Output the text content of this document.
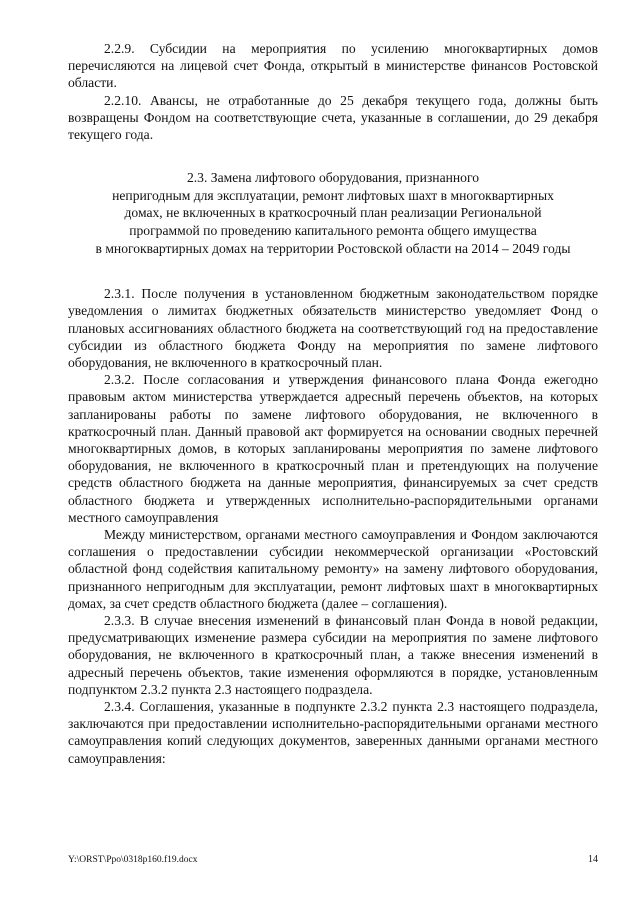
2.2.9. Субсидии на мероприятия по усилению многоквартирных домов перечисляются на лицевой счет Фонда, открытый в министерстве финансов Ростовской области.

2.2.10. Авансы, не отработанные до 25 декабря текущего года, должны быть возвращены Фондом на соответствующие счета, указанные в соглашении, до 29 декабря текущего года.

2.3. Замена лифтового оборудования, признанного
непригодным для эксплуатации, ремонт лифтовых шахт в многоквартирных
домах, не включенных в краткосрочный план реализации Региональной
программой по проведению капитального ремонта общего имущества
в многоквартирных домах на территории Ростовской области на 2014 – 2049 годы

2.3.1. После получения в установленном бюджетным законодательством порядке уведомления о лимитах бюджетных обязательств министерство уведомляет Фонд о плановых ассигнованиях областного бюджета на соответствующий год на предоставление субсидии из областного бюджета Фонду на мероприятия по замене лифтового оборудования, не включенного в краткосрочный план.

2.3.2. После согласования и утверждения финансового плана Фонда ежегодно правовым актом министерства утверждается адресный перечень объектов, на которых запланированы работы по замене лифтового оборудования, не включенного в краткосрочный план. Данный правовой акт формируется на основании сводных перечней многоквартирных домов, в которых запланированы мероприятия по замене лифтового оборудования, не включенного в краткосрочный план и претендующих на получение средств областного бюджета на данные мероприятия, финансируемых за счет средств областного бюджета и утвержденных исполнительно-распорядительными органами местного самоуправления

Между министерством, органами местного самоуправления и Фондом заключаются соглашения о предоставлении субсидии некоммерческой организации «Ростовский областной фонд содействия капитальному ремонту» на замену лифтового оборудования, признанного непригодным для эксплуатации, ремонт лифтовых шахт в многоквартирных домах, за счет средств областного бюджета (далее – соглашения).

2.3.3. В случае внесения изменений в финансовый план Фонда в новой редакции, предусматривающих изменение размера субсидии на мероприятия по замене лифтового оборудования, не включенного в краткосрочный план, а также внесения изменений в адресный перечень объектов, такие изменения оформляются в порядке, установленным подпунктом 2.3.2 пункта 2.3 настоящего подраздела.

2.3.4. Соглашения, указанные в подпункте 2.3.2 пункта 2.3 настоящего подраздела, заключаются при предоставлении исполнительно-распорядительными органами местного самоуправления копий следующих документов, заверенных данными органами местного самоуправления:

Y:\ORST\Ppo\0318p160.f19.docx	14
